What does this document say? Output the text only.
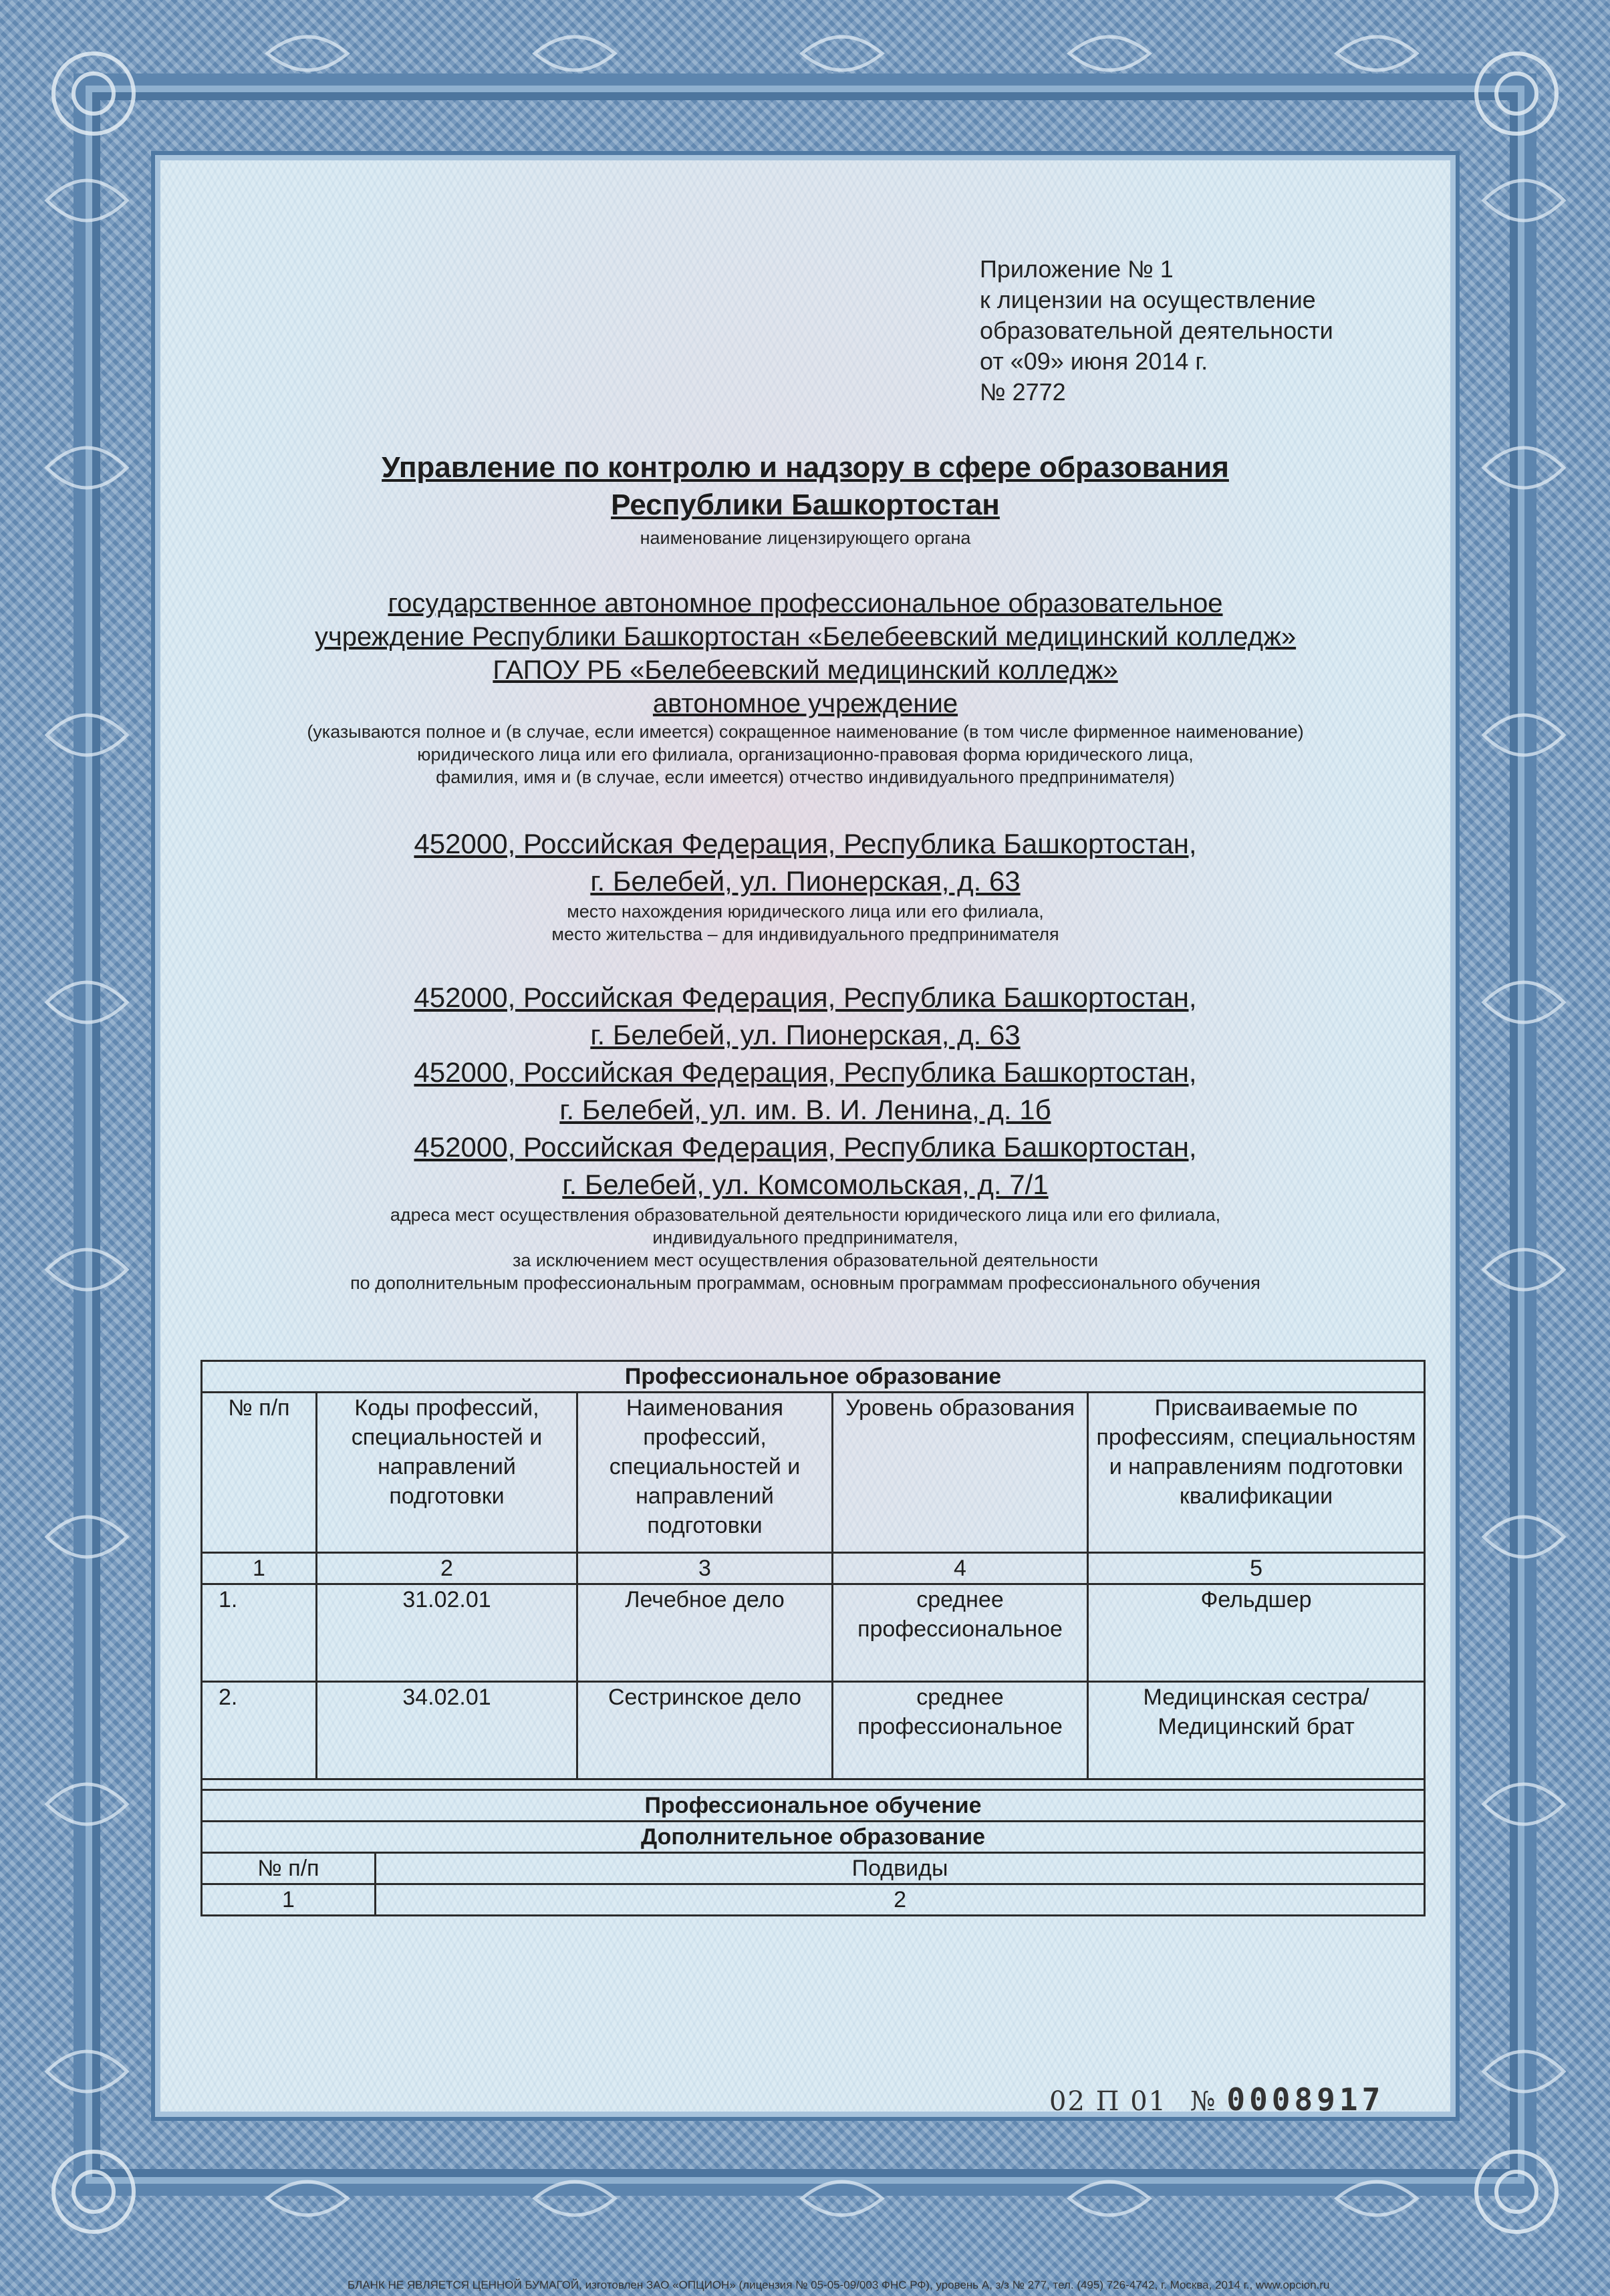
Приложение № 1
к лицензии на осуществление
образовательной деятельности
от «09» июня 2014 г.
№ 2772
Управление по контролю и надзору в сфере образования
Республики Башкортостан
наименование лицензирующего органа
государственное автономное профессиональное образовательное
учреждение Республики Башкортостан «Белебеевский медицинский колледж»
ГАПОУ РБ «Белебеевский медицинский колледж»
автономное учреждение
(указываются полное и (в случае, если имеется) сокращенное наименование (в том числе фирменное наименование)
юридического лица или его филиала, организационно-правовая форма юридического лица,
фамилия, имя и (в случае, если имеется) отчество индивидуального предпринимателя)
452000, Российская Федерация, Республика Башкортостан,
г. Белебей, ул. Пионерская, д. 63
место нахождения юридического лица или его филиала,
место жительства – для индивидуального предпринимателя
452000, Российская Федерация, Республика Башкортостан,
г. Белебей, ул. Пионерская, д. 63
452000, Российская Федерация, Республика Башкортостан,
г. Белебей, ул. им. В. И. Ленина, д. 1б
452000, Российская Федерация, Республика Башкортостан,
г. Белебей, ул. Комсомольская, д. 7/1
адреса мест осуществления образовательной деятельности юридического лица или его филиала,
индивидуального предпринимателя,
за исключением мест осуществления образовательной деятельности
по дополнительным профессиональным программам, основным программам профессионального обучения
Профессиональное образование					
№ п/п	Коды профессий, специальностей и направлений подготовки		Наименования профессий, специальностей и направлений подготовки	Уровень образования	Присваиваемые по профессиям, специальностям и направлениям подготовки квалификации
1	2		3	4	5
1.	31.02.01		Лечебное дело	среднее профессиональное	Фельдшер
2.	34.02.01		Сестринское дело	среднее профессиональное	Медицинская сестра/ Медицинский брат

Профессиональное обучение					
Дополнительное образование					
№ п/п		Подвиды			
1		2			
02 П 01 № 0008917
БЛАНК НЕ ЯВЛЯЕТСЯ ЦЕННОЙ БУМАГОЙ, изготовлен ЗАО «ОПЦИОН» (лицензия № 05-05-09/003 ФНС РФ), уровень А, з/з № 277, тел. (495) 726-4742, г. Москва, 2014 г., www.opcion.ru
